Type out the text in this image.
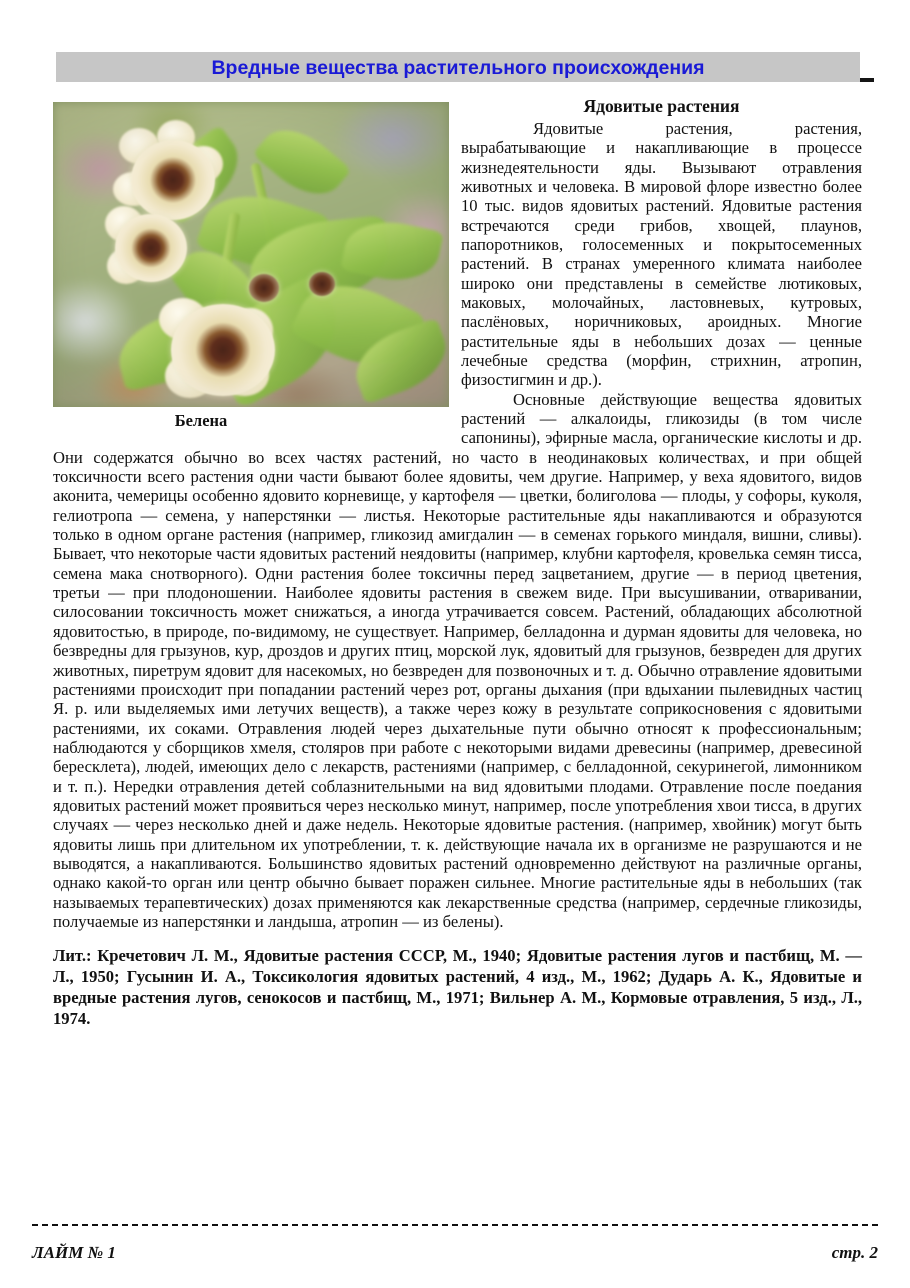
Вредные вещества растительного происхождения
Белена
Ядовитые растения

Ядовитые растения, растения, вырабатывающие и накапливающие в процессе жизнедеятельности яды. Вызывают отравления животных и человека. В мировой флоре известно более 10 тыс. видов ядовитых растений. Ядовитые растения встречаются среди грибов, хвощей, плаунов, папоротников, голосеменных и покрытосеменных растений. В странах умеренного климата наиболее широко они представлены в семействе лютиковых, маковых, молочайных, ластовневых, кутровых, паслёновых, норичниковых, ароидных. Многие растительные яды в небольших дозах — ценные лечебные средства (морфин, стрихнин, атропин, физостигмин и др.).

Основные действующие вещества ядовитых растений — алкалоиды, гликозиды (в том числе сапонины), эфирные масла, органические кислоты и др. Они содержатся обычно во всех частях растений, но часто в неодинаковых количествах, и при общей токсичности всего растения одни части бывают более ядовиты, чем другие. Например, у веха ядовитого, видов аконита, чемерицы особенно ядовито корневище, у картофеля — цветки, болиголова — плоды, у софоры, куколя, гелиотропа — семена, у наперстянки — листья. Некоторые растительные яды накапливаются и образуются только в одном органе растения (например, гликозид амигдалин — в семенах горького миндаля, вишни, сливы). Бывает, что некоторые части ядовитых растений неядовиты (например, клубни картофеля, кровелька семян тисса, семена мака снотворного). Одни растения более токсичны перед зацветанием, другие — в период цветения, третьи — при плодоношении. Наиболее ядовиты растения в свежем виде. При высушивании, отваривании, силосовании токсичность может снижаться, а иногда утрачивается совсем. Растений, обладающих абсолютной ядовитостью, в природе, по-видимому, не существует. Например, белладонна и дурман ядовиты для человека, но безвредны для грызунов, кур, дроздов и других птиц, морской лук, ядовитый для грызунов, безвреден для других животных, пиретрум ядовит для насекомых, но безвреден для позвоночных и т. д. Обычно отравление ядовитыми растениями происходит при попадании растений через рот, органы дыхания (при вдыхании пылевидных частиц Я. р. или выделяемых ими летучих веществ), а также через кожу в результате соприкосновения с ядовитыми растениями, их соками. Отравления людей через дыхательные пути обычно относят к профессиональным; наблюдаются у сборщиков хмеля, столяров при работе с некоторыми видами древесины (например, древесиной бересклета), людей, имеющих дело с лекарств, растениями (например, с белладонной, секуринегой, лимонником и т. п.). Нередки отравления детей соблазнительными на вид ядовитыми плодами. Отравление после поедания ядовитых растений может проявиться через несколько минут, например, после употребления хвои тисса, в других случаях — через несколько дней и даже недель. Некоторые ядовитые растения. (например, хвойник) могут быть ядовиты лишь при длительном их употреблении, т. к. действующие начала их в организме не разрушаются и не выводятся, а накапливаются. Большинство ядовитых растений одновременно действуют на различные органы, однако какой-то орган или центр обычно бывает поражен сильнее. Многие растительные яды в небольших (так называемых терапевтических) дозах применяются как лекарственные средства (например, сердечные гликозиды, получаемые из наперстянки и ландыша, атропин — из белены).

Лит.: Кречетович Л. М., Ядовитые растения СССР, М., 1940; Ядовитые растения лугов и пастбищ, М. — Л., 1950; Гусынин И. А., Токсикология ядовитых растений, 4 изд., М., 1962; Дударь А. К., Ядовитые и вредные растения лугов, сенокосов и пастбищ, М., 1971; Вильнер А. М., Кормовые отравления, 5 изд., Л., 1974.

ЛАЙМ № 1	стр. 2
